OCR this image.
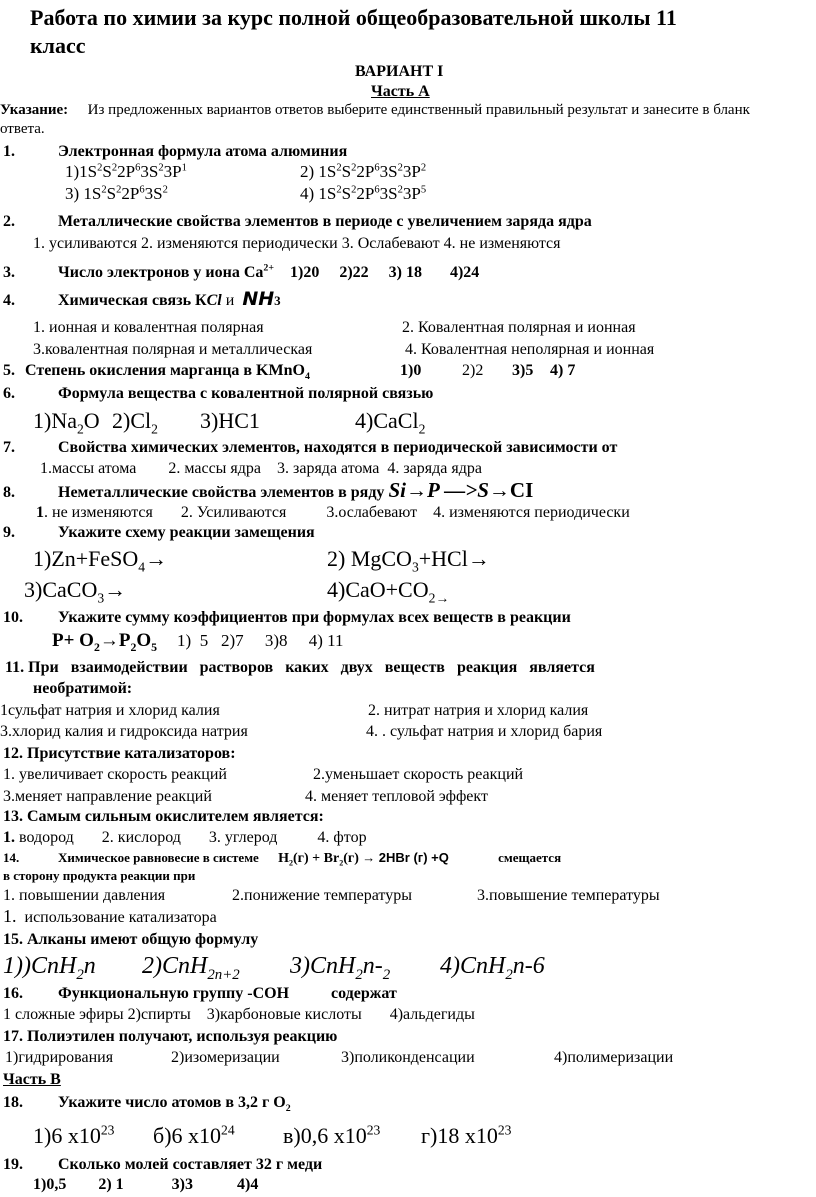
Работа по химии за курс полной общеобразовательной школы 11
класс
ВАРИАНТ I
Часть А
Указание: Из предложенных вариантов ответов выберите единственный правильный результат и занесите в бланк
ответа.
1.	Электронная формула атома алюминия
$1)1S^2S^22P^63S^23P^1$	2) $1S^2S^22P^63S^23P^2$
3) $1S^2S^22P^63S^2$	4) $1S^2S^22P^63S^23P^5$
2.	Металлические свойства элементов в периоде с увеличением заряда ядра
1. усиливаются 2. изменяются периодически 3. Ослабевают 4. не изменяются
3.	Число электронов у иона $Са^{2+}$    1)20     2)22     3) 18       4)24
4.	Химическая связь КCl и  NH3
1. ионная и ковалентная полярная	2. Ковалентная полярная и ионная
3.ковалентная полярная и металлическая	4. Ковалентная неполярная и ионная
5. Степень окисления марганца в KMnO$_4$	1)0	2)2 3)5 4) 7
6.	Формула вещества с ковалентной полярной связью
$1)Na_2O$ $2)Cl_2$ 3)HC1	4)CaCl$_2$
7.	Свойства химических элементов, находятся в периодической зависимости от
1.массы атома        2. массы ядра    3. заряда атома  4. заряда ядра
8.	Неметаллические свойства элементов в ряду Si→P —>S→CI
1. не изменяются       2. Усиливаются          3.ослабевают    4. изменяются периодически
9.	Укажите схему реакции замещения
1)Zn+FeSO$_4$→	2) MgCO$_3$+HCl→
3)CaCO$_3$→	$4)CaO+CO_{2\to}$
10. Укажите сумму коэффициентов при формулах всех веществ в реакции
$P+ O_2\to P_2O_5$ 1)  5   2)7     3)8     4) 11
11. При   взаимодействии   растворов   каких   двух   веществ   реакция   является
необратимой:
1сульфат натрия и хлорид калия	2. нитрат натрия и хлорид калия
3.хлорид калия и гидроксида натрия	4. . сульфат натрия и хлорид бария
12. Присутствие катализаторов:
1. увеличивает скорость реакций	2.уменьшает скорость реакций
3.меняет направление реакций	4. меняет тепловой эффект
13. Самым сильным окислителем является:
1. водород       2. кислород       3. углерод          4. фтор
14.	Химическое равновесие в системе $H_2(г) + Br_2(г) \to 2HBr$ (г) +Q	смещается
в сторону продукта реакции при
1. повышении давления	2.понижение температуры	3.повышение температуры
1.  использование катализатора
15. Алканы имеют общую формулу
1))CnH$_2$n 2)CnH$_{2n+2}$ $3)CnH_2n-_2$ 4)CnH$_2$n-6
16. Функциональную группу -СОН	содержат
1 сложные эфиры 2)спирты    3)карбоновые кислоты       4)альдегиды
17. Полиэтилен получают, используя реакцию
1)гидрирования	2)изомеризации	3)поликонденсации	4)полимеризации
Часть В
18. Укажите число атомов в 3,2 г $О_2$
1)6 $x10^{23}$ б)6 $x10^{24}$ в)0,6 $x10^{23}$ г)18 $x10^{23}$
19. Сколько молей составляет 32 г меди
1)0,5        2) 1            3)3           4)4
